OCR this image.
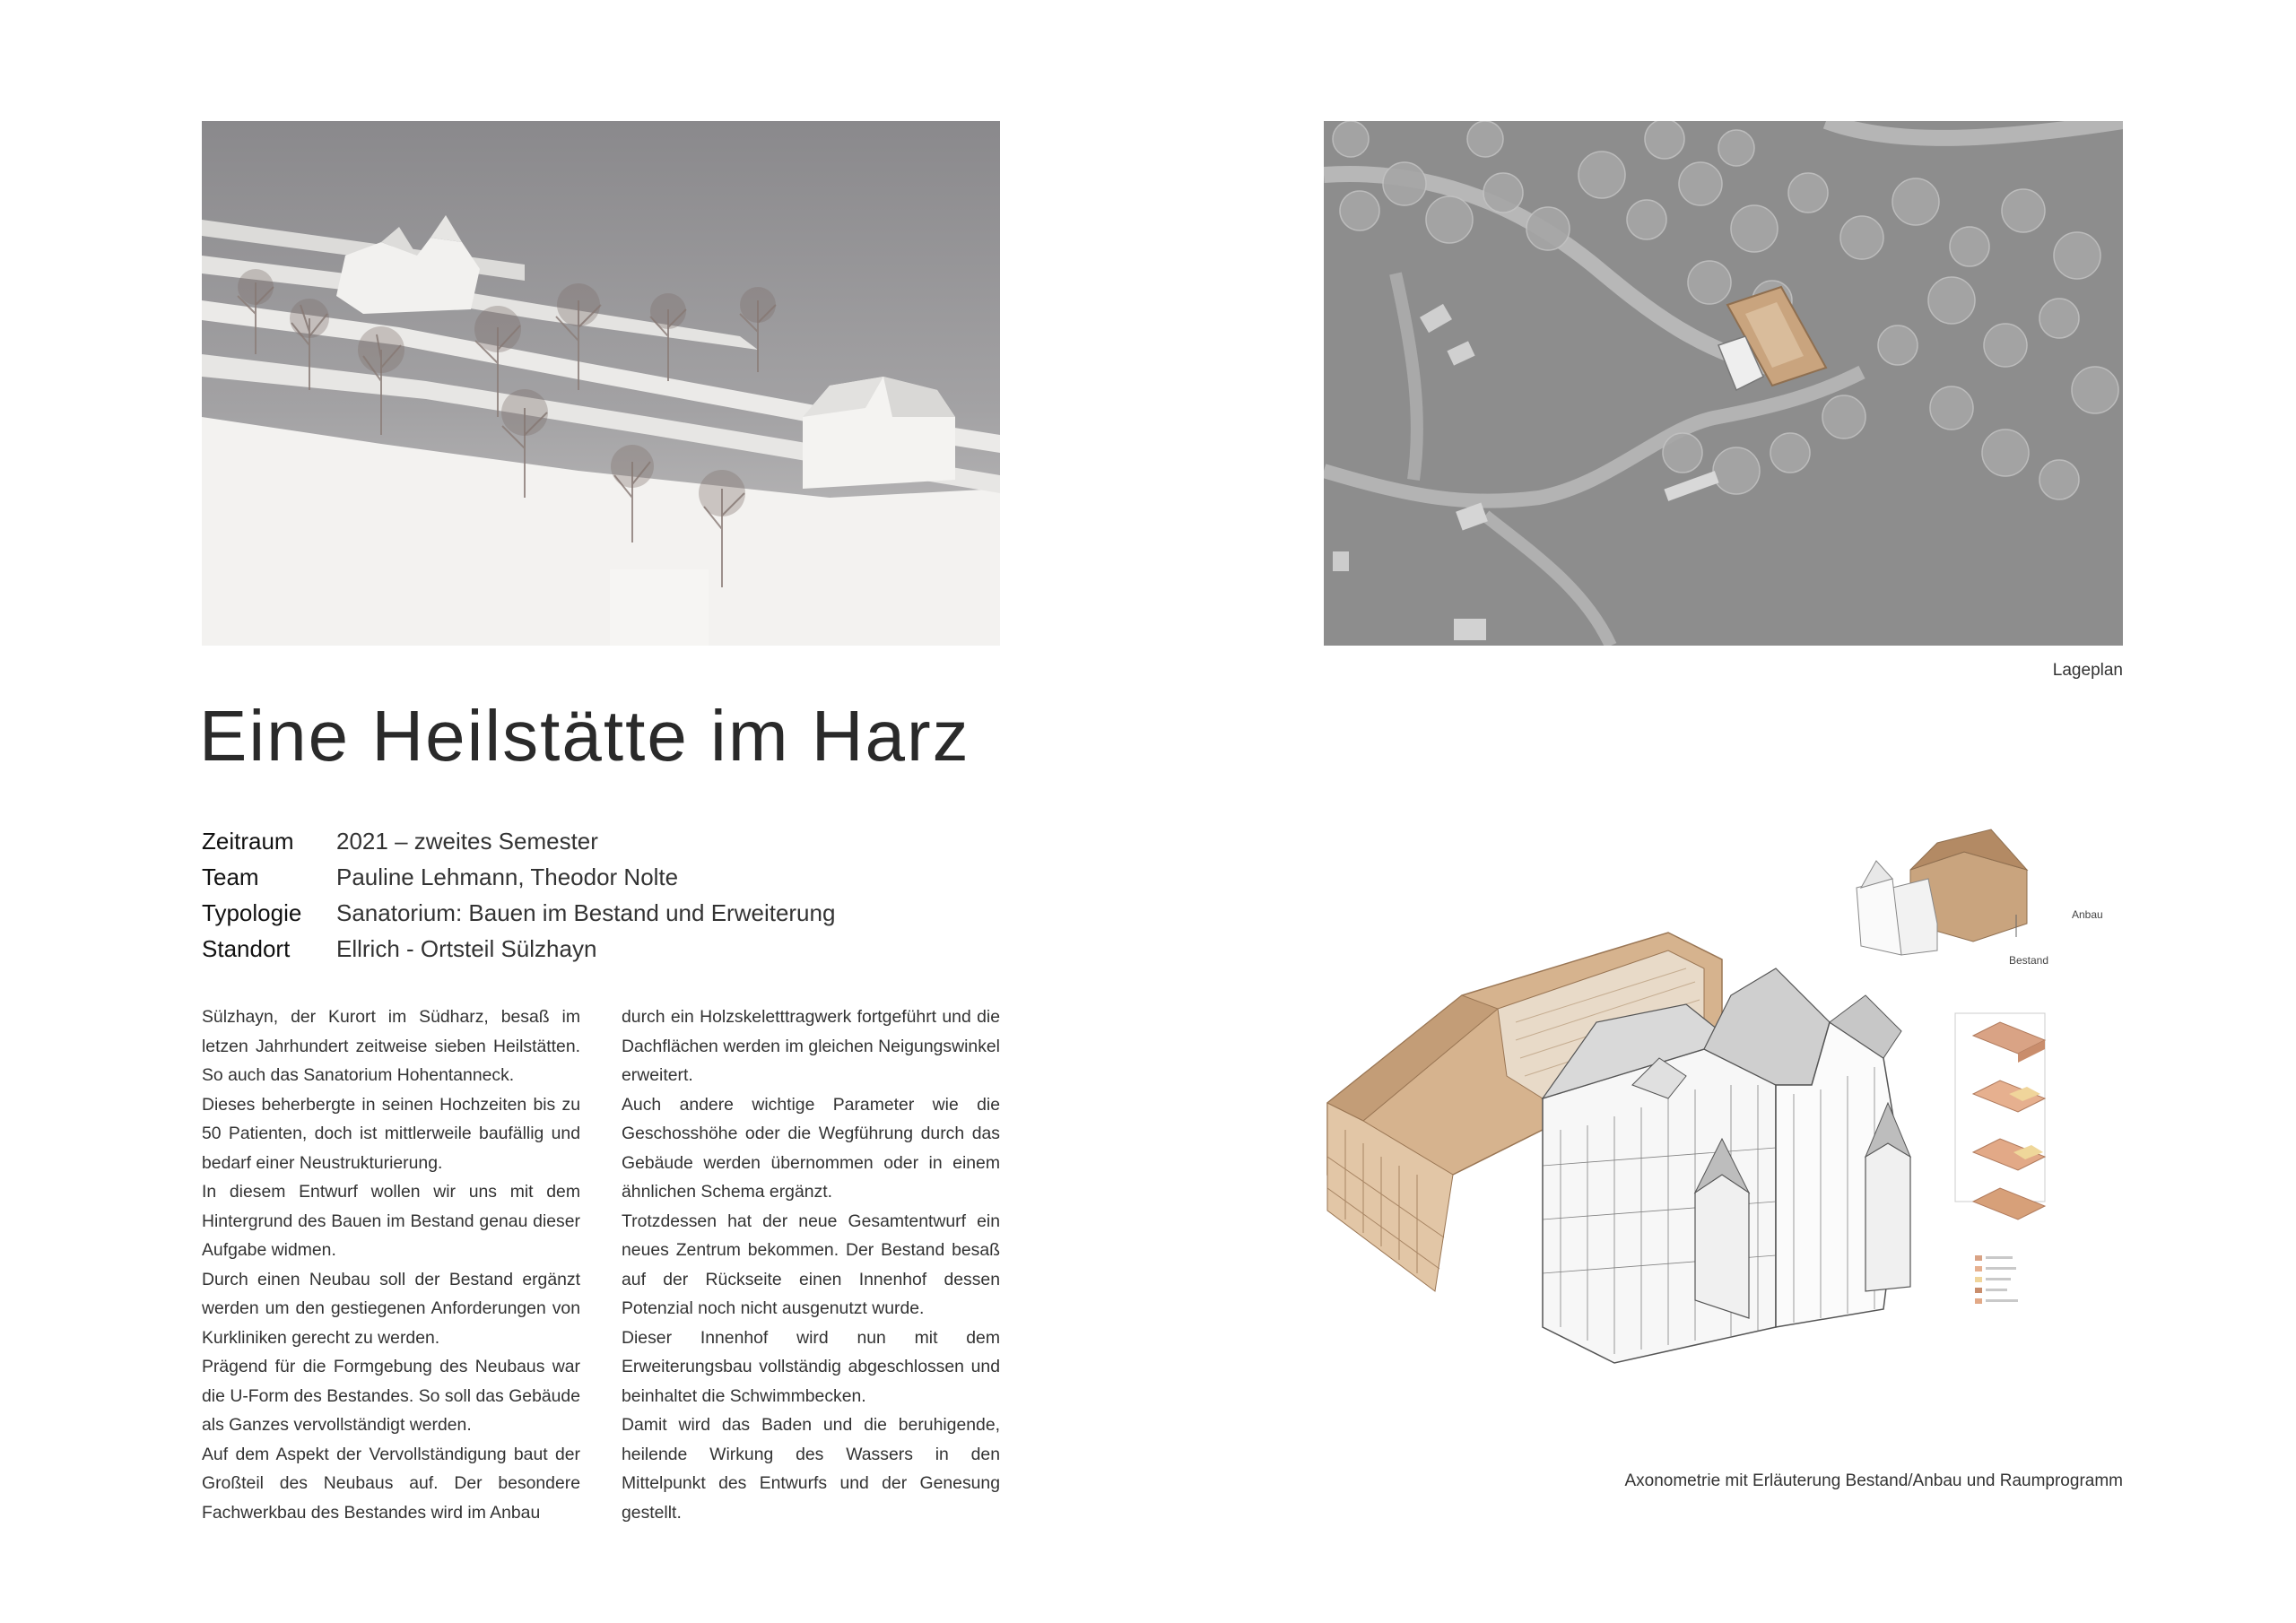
Lageplan
Eine Heilstätte im Harz
Zeitraum	2021 – zweites Semester
Team	Pauline Lehmann, Theodor Nolte
Typologie	Sanatorium: Bauen im Bestand und Erweiterung
Standort	Ellrich - Ortsteil Sülzhayn

Sülzhayn, der Kurort im Südharz, besaß im letzen Jahrhundert zeitweise sieben Heilstätten. So auch das Sanatorium Hohentanneck.

Dieses beherbergte in seinen Hochzeiten bis zu 50 Patienten, doch ist mittlerweile baufällig und bedarf einer Neustrukturierung.

In diesem Entwurf wollen wir uns mit dem Hintergrund des Bauen im Bestand genau dieser Aufgabe widmen.

Durch einen Neubau soll der Bestand ergänzt werden um den gestiegenen Anforderungen von Kurkliniken gerecht zu werden.

Prägend für die Formgebung des Neubaus war die U-Form des Bestandes. So soll das Gebäude als Ganzes vervollständigt werden.

Auf dem Aspekt der Vervollständigung baut der Großteil des Neubaus auf. Der besondere Fachwerkbau des Bestandes wird im Anbau

durch ein Holzskeletttragwerk fortgeführt und die Dachflächen werden im gleichen Neigungswinkel erweitert.

Auch andere wichtige Parameter wie die Geschosshöhe oder die Wegführung durch das Gebäude werden übernommen oder in einem ähnlichen Schema ergänzt.

Trotzdessen hat der neue Gesamtentwurf ein neues Zentrum bekommen. Der Bestand besaß auf der Rückseite einen Innenhof dessen Potenzial noch nicht ausgenutzt wurde.

Dieser Innenhof wird nun mit dem Erweiterungsbau vollständig abgeschlossen und beinhaltet die Schwimmbecken.

Damit wird das Baden und die beruhigende, heilende Wirkung des Wassers in den Mittelpunkt des Entwurfs und der Genesung gestellt.

Anbau
Bestand
Axonometrie mit Erläuterung Bestand/Anbau und Raumprogramm
